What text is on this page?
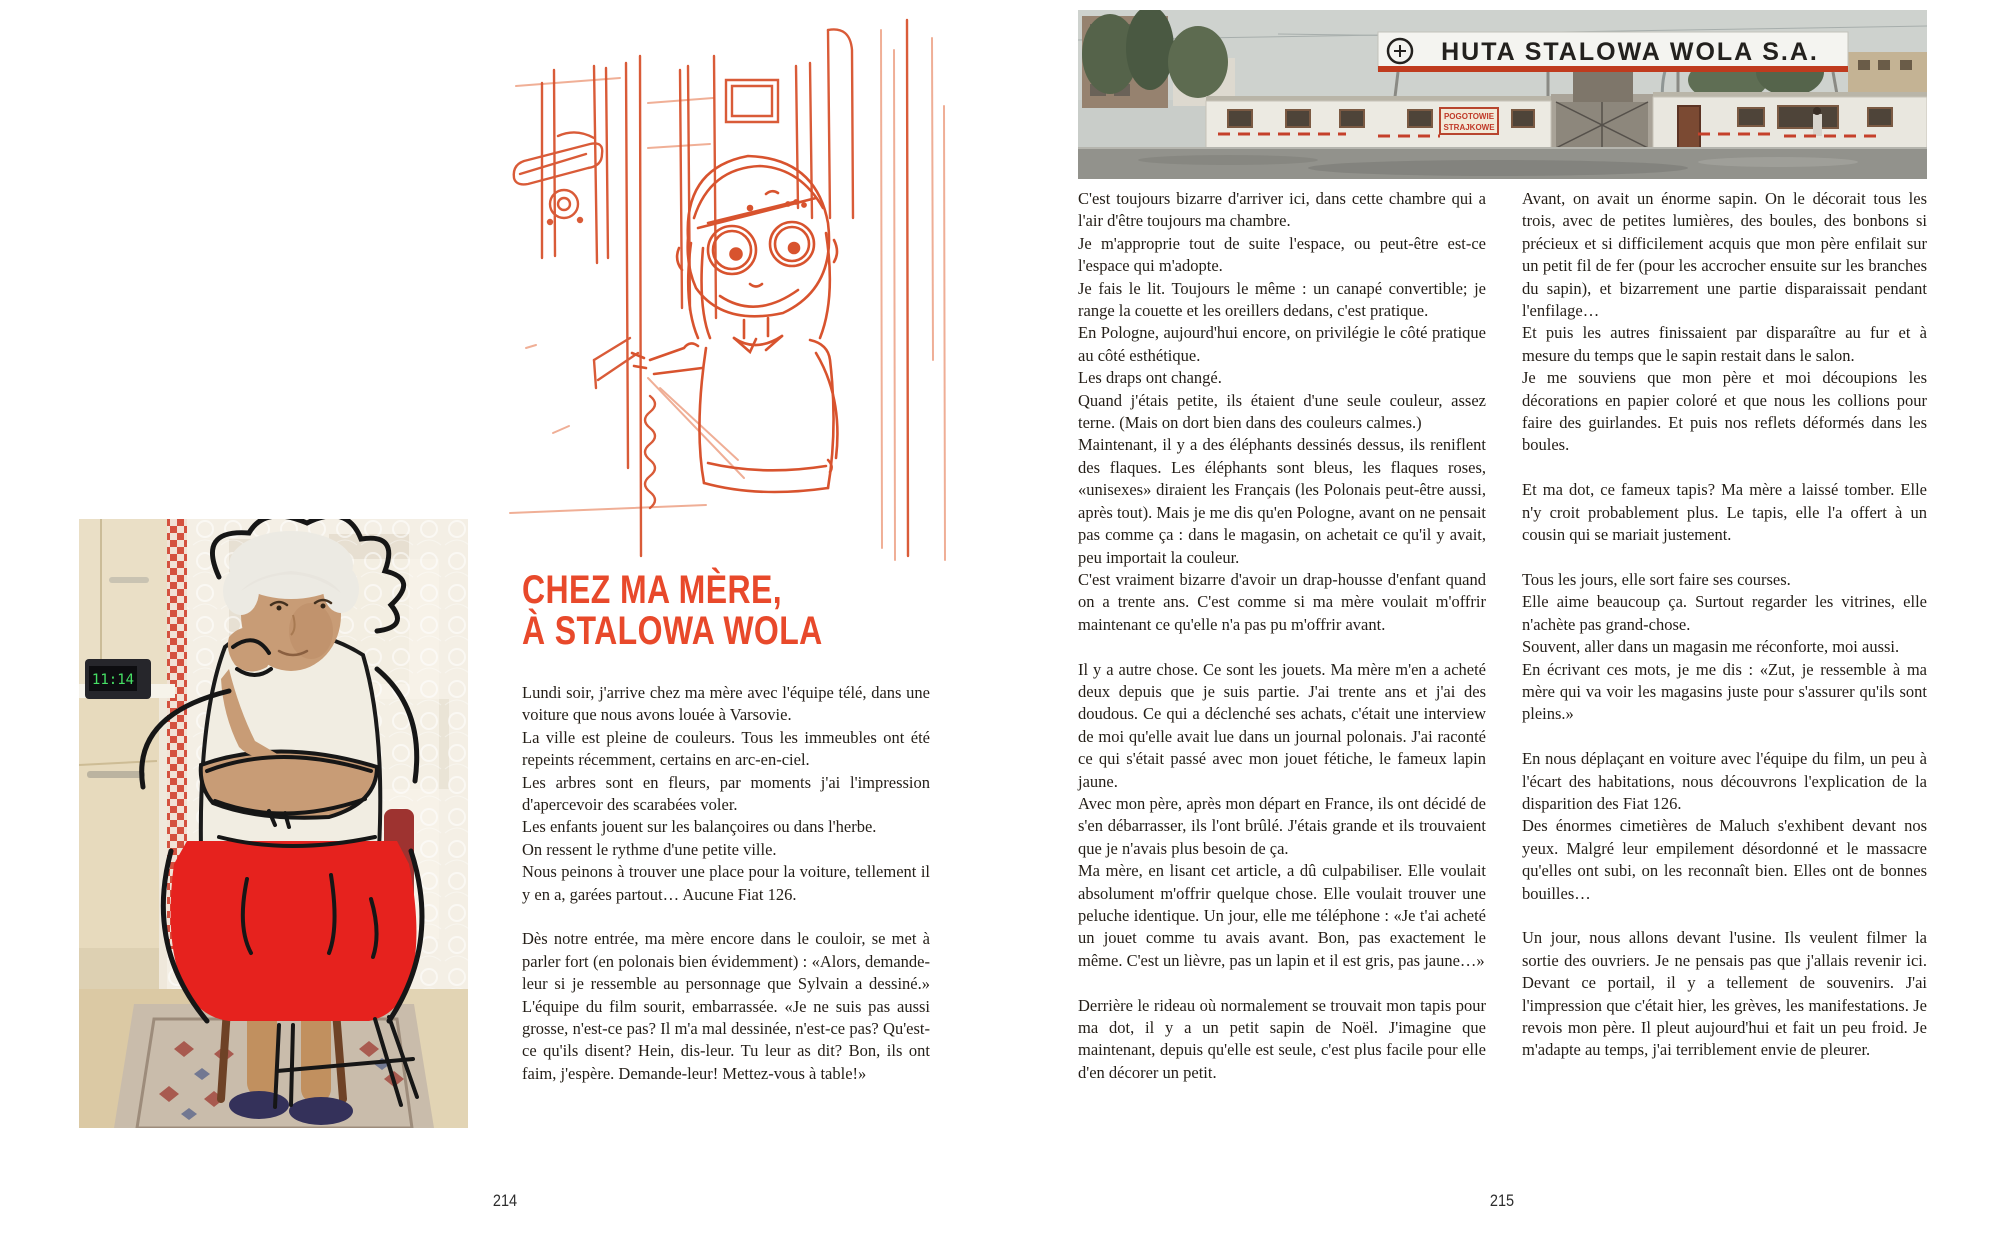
11:14
CHEZ MA MÈRE,
À STALOWA WOLA

Lundi soir, j'arrive chez ma mère avec l'équipe télé, dans une voiture que nous avons louée à Varsovie.

La ville est pleine de couleurs. Tous les immeubles ont été repeints récemment, certains en arc-en-ciel.

Les arbres sont en fleurs, par moments j'ai l'impression d'apercevoir des scarabées voler.

Les enfants jouent sur les balançoires ou dans l'herbe.

On ressent le rythme d'une petite ville.

Nous peinons à trouver une place pour la voiture, tellement il y en a, garées partout… Aucune Fiat 126.

Dès notre entrée, ma mère encore dans le couloir, se met à parler fort (en polonais bien évidemment) : «Alors, demande-leur si je ressemble au personnage que Sylvain a dessiné.» L'équipe du film sourit, embarrassée. «Je ne suis pas aussi grosse, n'est-ce pas? Il m'a mal dessinée, n'est-ce pas? Qu'est-ce qu'ils disent? Hein, dis-leur. Tu leur as dit? Bon, ils ont faim, j'espère. Demande-leur! Mettez-vous à table!»

214
HUTA STALOWA WOLA S.A.
POGOTOWIE
STRAJKOWE

C'est toujours bizarre d'arriver ici, dans cette chambre qui a l'air d'être toujours ma chambre.

Je m'approprie tout de suite l'espace, ou peut-être est-ce l'espace qui m'adopte.

Je fais le lit. Toujours le même : un canapé convertible; je range la couette et les oreillers dedans, c'est pratique.

En Pologne, aujourd'hui encore, on privilégie le côté pratique au côté esthétique.

Les draps ont changé.

Quand j'étais petite, ils étaient d'une seule couleur, assez terne. (Mais on dort bien dans des couleurs calmes.)

Maintenant, il y a des éléphants dessinés dessus, ils reniflent des flaques. Les éléphants sont bleus, les flaques roses, «unisexes» diraient les Français (les Polonais peut-être aussi, après tout). Mais je me dis qu'en Pologne, avant on ne pensait pas comme ça : dans le magasin, on achetait ce qu'il y avait, peu importait la couleur.

C'est vraiment bizarre d'avoir un drap-housse d'enfant quand on a trente ans. C'est comme si ma mère voulait m'offrir maintenant ce qu'elle n'a pas pu m'offrir avant.

Il y a autre chose. Ce sont les jouets. Ma mère m'en a acheté deux depuis que je suis partie. J'ai trente ans et j'ai des doudous. Ce qui a déclenché ses achats, c'était une interview de moi qu'elle avait lue dans un journal polonais. J'ai raconté ce qui s'était passé avec mon jouet fétiche, le fameux lapin jaune.

Avec mon père, après mon départ en France, ils ont décidé de s'en débarrasser, ils l'ont brûlé. J'étais grande et ils trouvaient que je n'avais plus besoin de ça.

Ma mère, en lisant cet article, a dû culpabiliser. Elle voulait absolument m'offrir quelque chose. Elle voulait trouver une peluche identique. Un jour, elle me téléphone : «Je t'ai acheté un jouet comme tu avais avant. Bon, pas exactement le même. C'est un lièvre, pas un lapin et il est gris, pas jaune…»

Derrière le rideau où normalement se trouvait mon tapis pour ma dot, il y a un petit sapin de Noël. J'imagine que maintenant, depuis qu'elle est seule, c'est plus facile pour elle d'en décorer un petit.

Avant, on avait un énorme sapin. On le décorait tous les trois, avec de petites lumières, des boules, des bonbons si précieux et si difficilement acquis que mon père enfilait sur un petit fil de fer (pour les accrocher ensuite sur les branches du sapin), et bizarrement une partie disparaissait pendant l'enfilage…

Et puis les autres finissaient par disparaître au fur et à mesure du temps que le sapin restait dans le salon.

Je me souviens que mon père et moi découpions les décorations en papier coloré et que nous les collions pour faire des guirlandes. Et puis nos reflets déformés dans les boules.

Et ma dot, ce fameux tapis? Ma mère a laissé tomber. Elle n'y croit probablement plus. Le tapis, elle l'a offert à un cousin qui se mariait justement.

Tous les jours, elle sort faire ses courses.

Elle aime beaucoup ça. Surtout regarder les vitrines, elle n'achète pas grand-chose.

Souvent, aller dans un magasin me réconforte, moi aussi.

En écrivant ces mots, je me dis : «Zut, je ressemble à ma mère qui va voir les magasins juste pour s'assurer qu'ils sont pleins.»

En nous déplaçant en voiture avec l'équipe du film, un peu à l'écart des habitations, nous découvrons l'explication de la disparition des Fiat 126.

Des énormes cimetières de Maluch s'exhibent devant nos yeux. Malgré leur empilement désordonné et le massacre qu'elles ont subi, on les reconnaît bien. Elles ont de bonnes bouilles…

Un jour, nous allons devant l'usine. Ils veulent filmer la sortie des ouvriers. Je ne pensais pas que j'allais revenir ici. Devant ce portail, il y a tellement de souvenirs. J'ai l'impression que c'était hier, les grèves, les manifestations. Je revois mon père. Il pleut aujourd'hui et fait un peu froid. Je m'adapte au temps, j'ai terriblement envie de pleurer.

215
